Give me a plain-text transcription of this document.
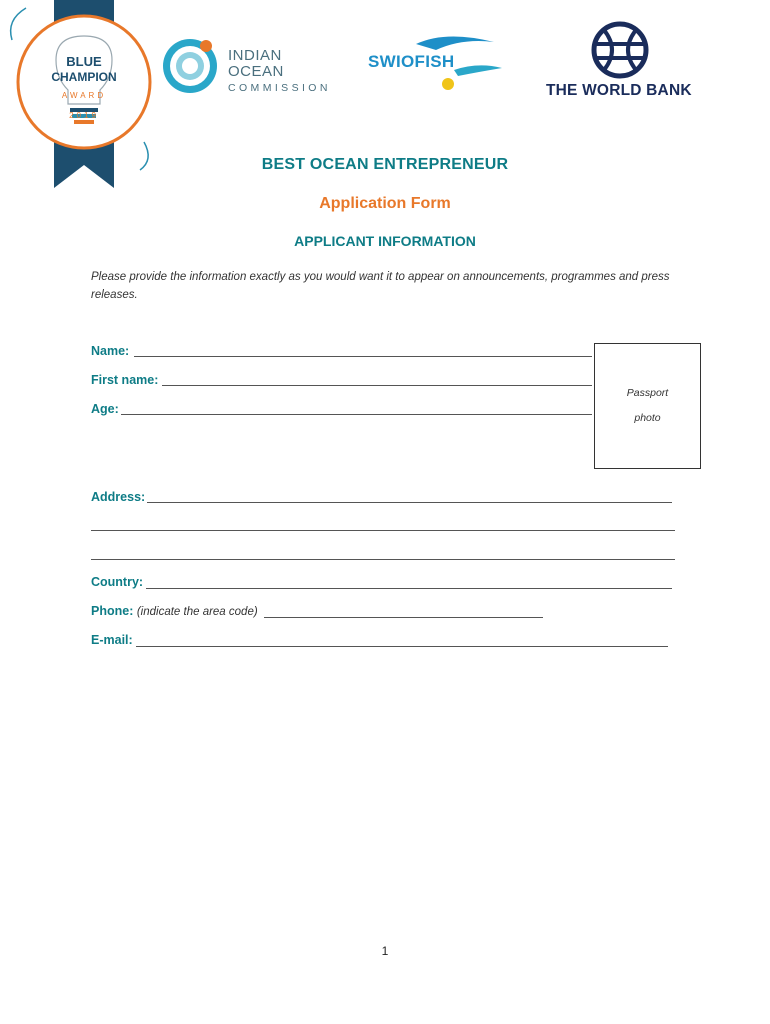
BLUE
CHAMPION
AWARD
2019
INDIAN OCEAN
COMMISSION
SWIOFISH
THE WORLD BANK
BEST OCEAN ENTREPRENEUR
Application Form
APPLICANT INFORMATION
Please provide the information exactly as you would want it to appear on announcements, programmes and press releases.
Name:
First name:
Age:
Passport
photo
Address:
Country:
Phone: (indicate the area code)
E-mail:
1
